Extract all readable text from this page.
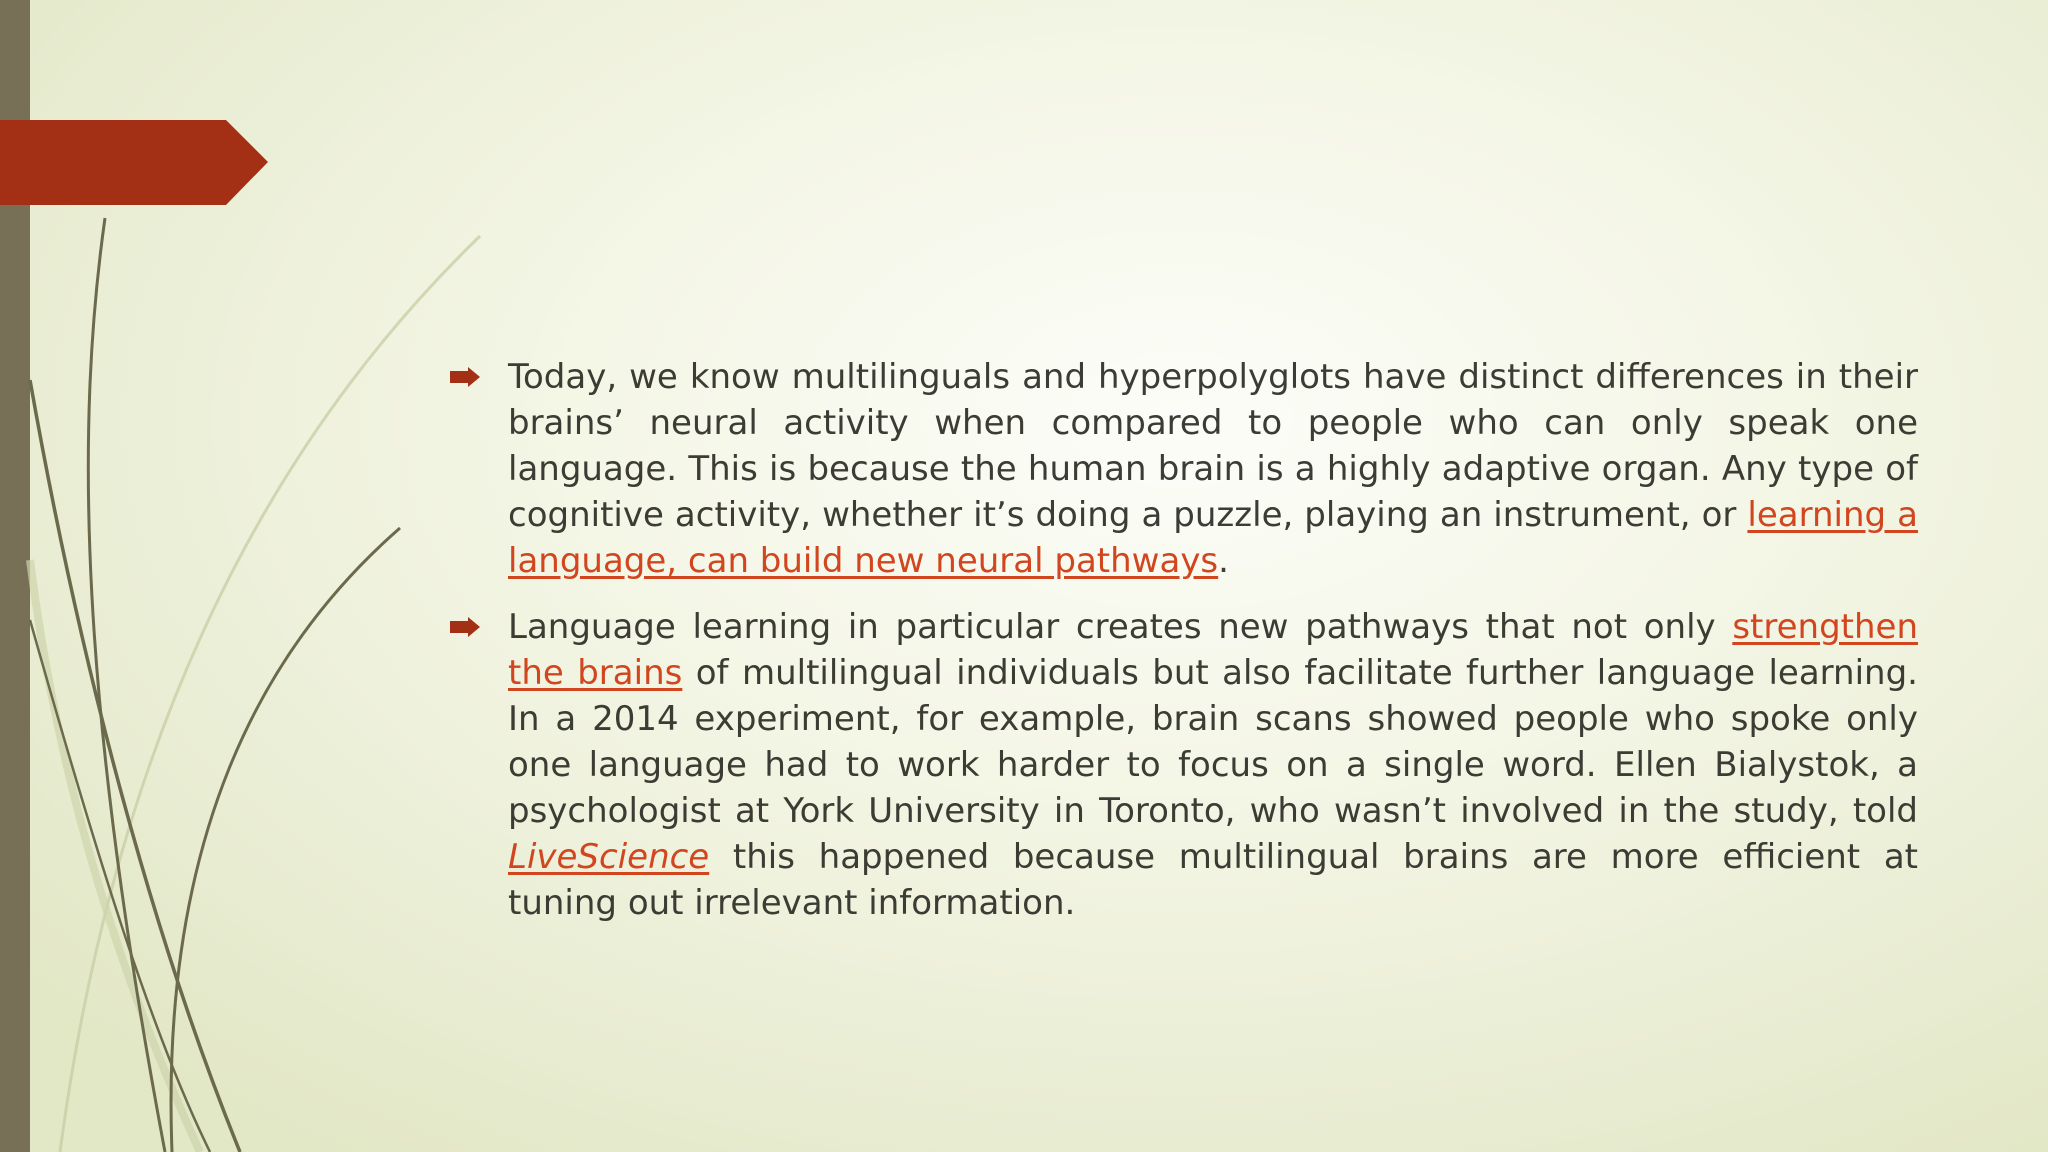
Today, we know multilinguals and hyperpolyglots have distinct differences in their brains’ neural activity when compared to people who can only speak one language. This is because the human brain is a highly adaptive organ. Any type of cognitive activity, whether it’s doing a puzzle, playing an instrument, or learning a language, can build new neural pathways.
Language learning in particular creates new pathways that not only strengthen the brains of multilingual individuals but also facilitate further language learning. In a 2014 experiment, for example, brain scans showed people who spoke only one language had to work harder to focus on a single word. Ellen Bialystok, a psychologist at York University in Toronto, who wasn’t involved in the study, told LiveScience this happened because multilingual brains are more efficient at tuning out irrelevant information.
